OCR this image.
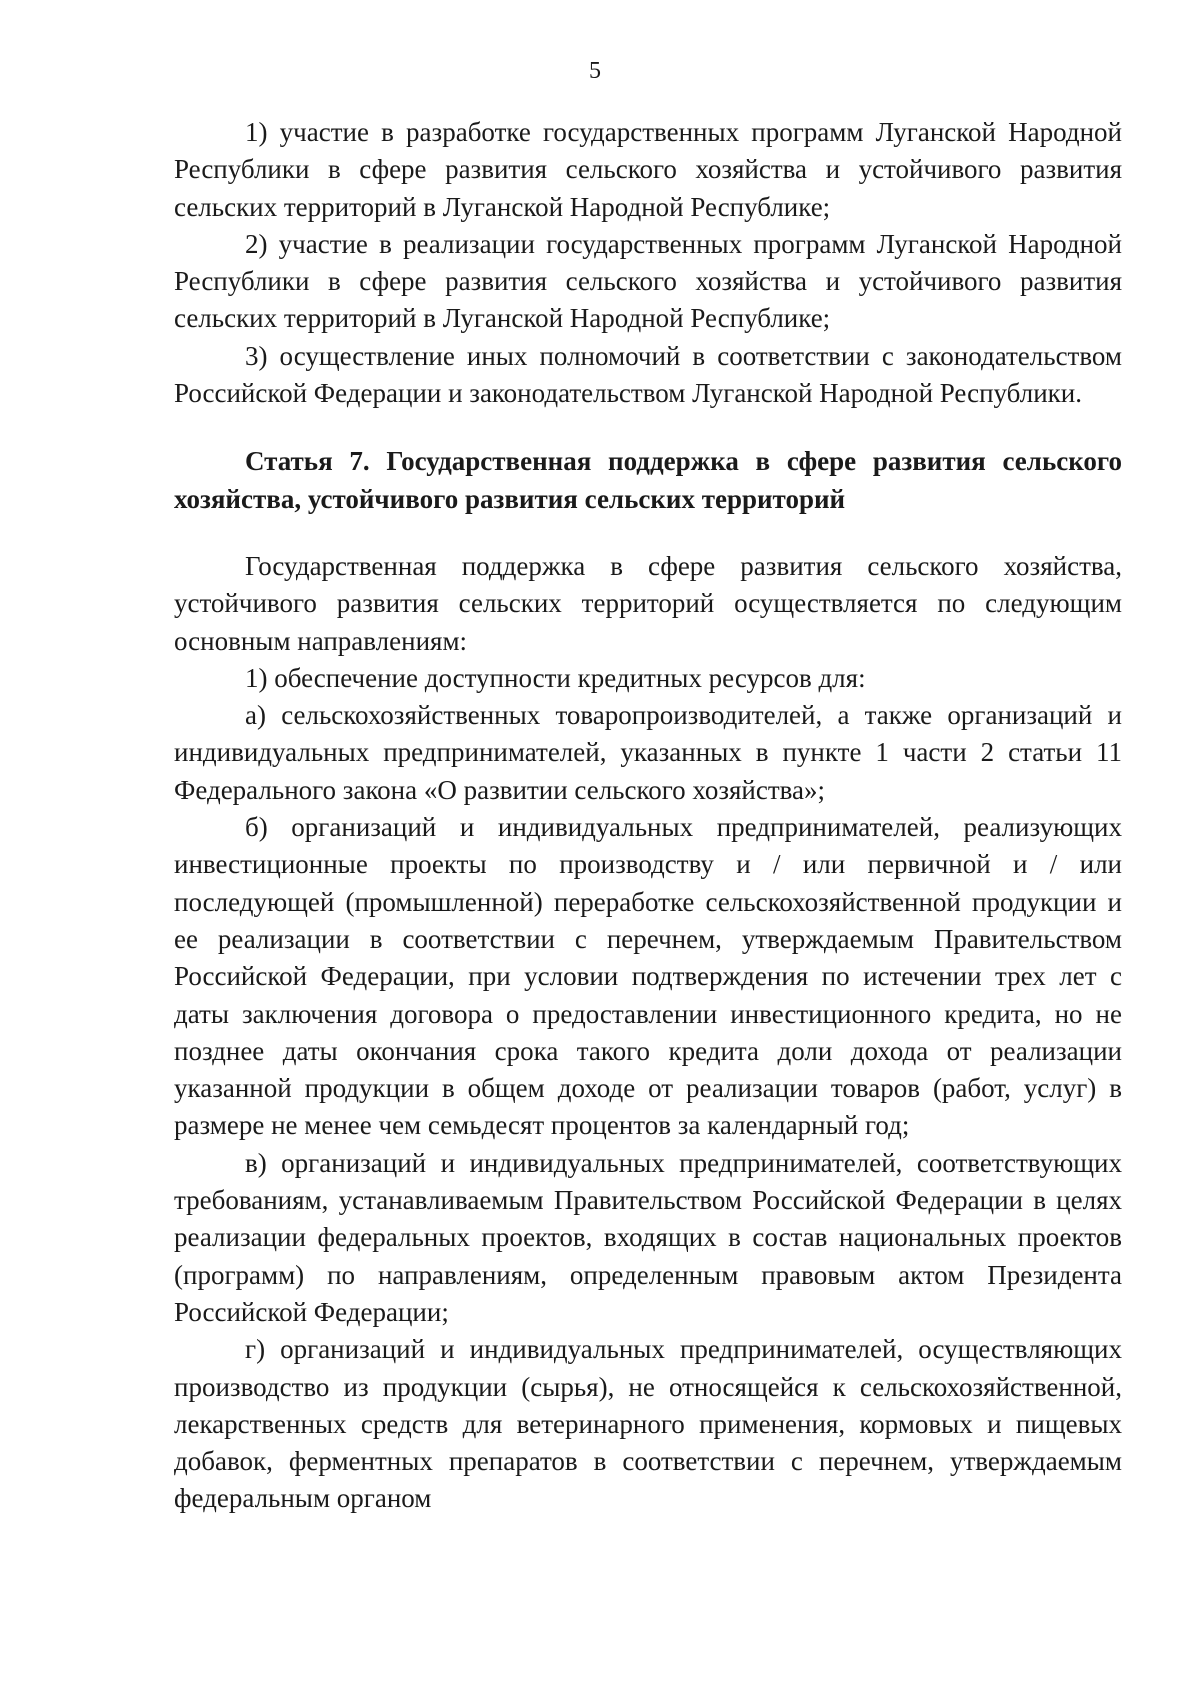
5

1) участие в разработке государственных программ Луганской Народной Республики в сфере развития сельского хозяйства и устойчивого развития сельских территорий в Луганской Народной Республике;

2) участие в реализации государственных программ Луганской Народной Республики в сфере развития сельского хозяйства и устойчивого развития сельских территорий в Луганской Народной Республике;

3) осуществление иных полномочий в соответствии с законодательством Российской Федерации и законодательством Луганской Народной Республики.

Статья 7. Государственная поддержка в сфере развития сельского хозяйства, устойчивого развития сельских территорий

Государственная поддержка в сфере развития сельского хозяйства, устойчивого развития сельских территорий осуществляется по следующим основным направлениям:

1) обеспечение доступности кредитных ресурсов для:

а) сельскохозяйственных товаропроизводителей, а также организаций и индивидуальных предпринимателей, указанных в пункте 1 части 2 статьи 11 Федерального закона «О развитии сельского хозяйства»;

б) организаций и индивидуальных предпринимателей, реализующих инвестиционные проекты по производству и / или первичной и / или последующей (промышленной) переработке сельскохозяйственной продукции и ее реализации в соответствии с перечнем, утверждаемым Правительством Российской Федерации, при условии подтверждения по истечении трех лет с даты заключения договора о предоставлении инвестиционного кредита, но не позднее даты окончания срока такого кредита доли дохода от реализации указанной продукции в общем доходе от реализации товаров (работ, услуг) в размере не менее чем семьдесят процентов за календарный год;

в) организаций и индивидуальных предпринимателей, соответствующих требованиям, устанавливаемым Правительством Российской Федерации в целях реализации федеральных проектов, входящих в состав национальных проектов (программ) по направлениям, определенным правовым актом Президента Российской Федерации;

г) организаций и индивидуальных предпринимателей, осуществляющих производство из продукции (сырья), не относящейся к сельскохозяйственной, лекарственных средств для ветеринарного применения, кормовых и пищевых добавок, ферментных препаратов в соответствии с перечнем, утверждаемым федеральным органом
